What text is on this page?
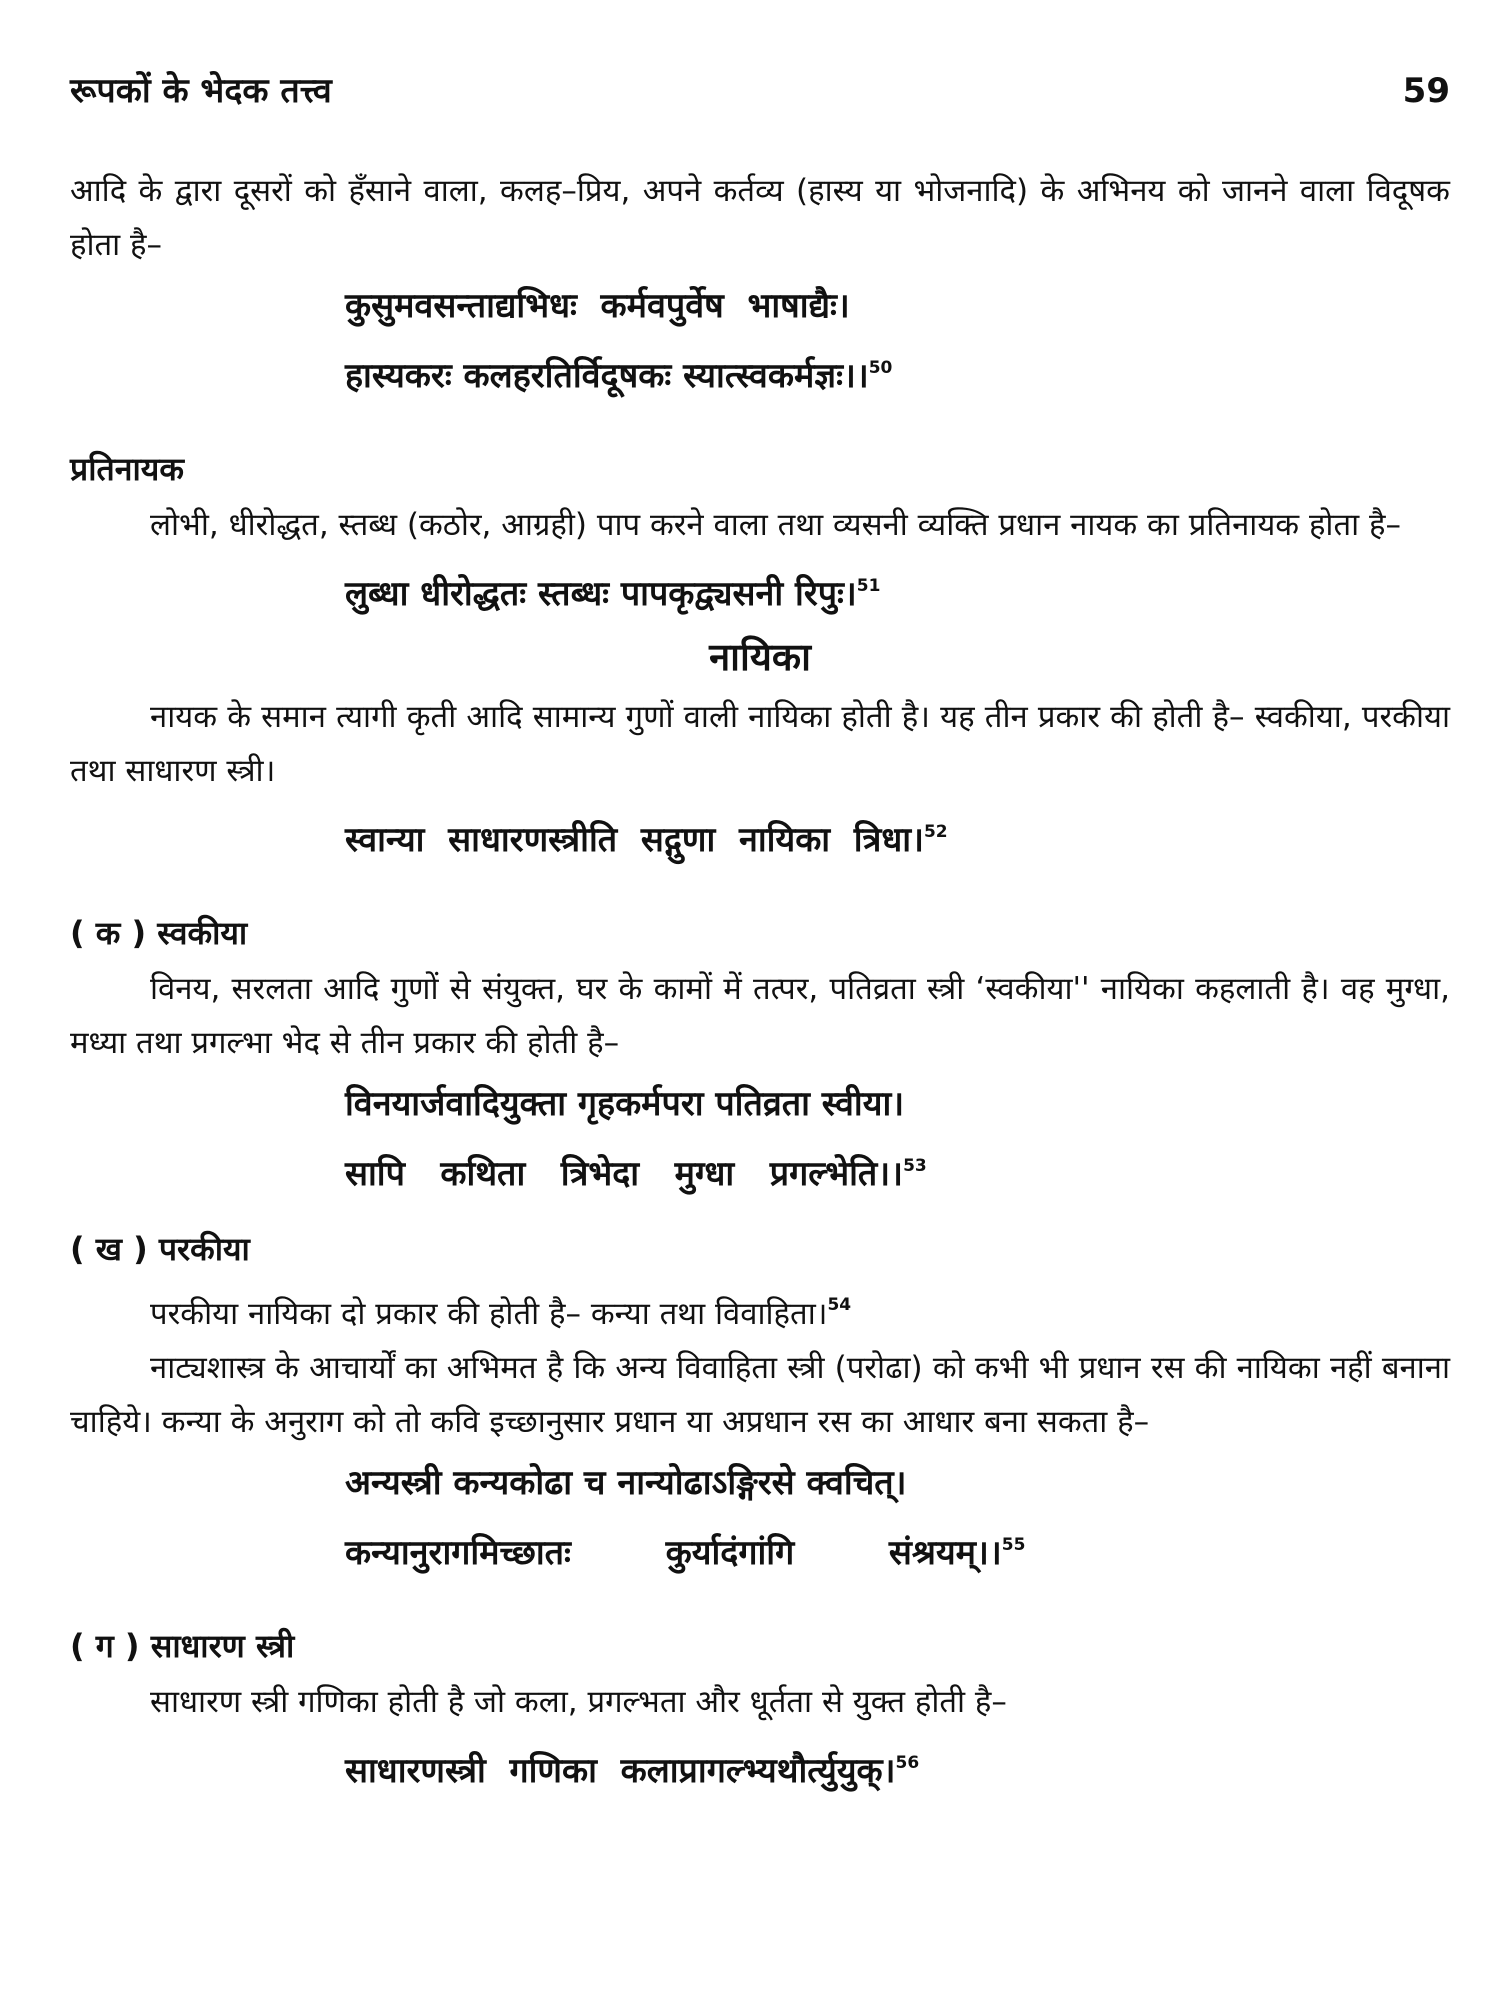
रूपकों के भेदक तत्त्व	59

आदि के द्वारा दूसरों को हँसाने वाला, कलह–प्रिय, अपने कर्तव्य (हास्य या भोजनादि) के अभिनय को जानने वाला विदूषक होता है–

कुसुमवसन्ताद्यभिधः  कर्मवपुर्वेष  भाषाद्यैः।
हास्यकरः कलहरतिर्विदूषकः स्यात्स्वकर्मज्ञः।।$^{50}$
प्रतिनायक

लोभी, धीरोद्धत, स्तब्ध (कठोर, आग्रही) पाप करने वाला तथा व्यसनी व्यक्ति प्रधान नायक का प्रतिनायक होता है–

लुब्धा धीरोद्धतः स्तब्धः पापकृद्व्यसनी रिपुः।$^{51}$
नायिका

नायक के समान त्यागी कृती आदि सामान्य गुणों वाली नायिका होती है। यह तीन प्रकार की होती है– स्वकीया, परकीया तथा साधारण स्त्री।

स्वान्या  साधारणस्त्रीति  सद्गुणा  नायिका  त्रिधा।$^{52}$
( क ) स्वकीया

विनय, सरलता आदि गुणों से संयुक्त, घर के कामों में तत्पर, पतिव्रता स्त्री ‘स्वकीया'' नायिका कहलाती है। वह मुग्धा, मध्या तथा प्रगल्भा भेद से तीन प्रकार की होती है–

विनयार्जवादियुक्ता गृहकर्मपरा पतिव्रता स्वीया।
सापि   कथिता   त्रिभेदा   मुग्धा   प्रगल्भेति।।$^{53}$
( ख ) परकीया

परकीया नायिका दो प्रकार की होती है– कन्या तथा विवाहिता।$^{54}$

नाट्यशास्त्र के आचार्यों का अभिमत है कि अन्य विवाहिता स्त्री (परोढा) को कभी भी प्रधान रस की नायिका नहीं बनाना चाहिये। कन्या के अनुराग को तो कवि इच्छानुसार प्रधान या अप्रधान रस का आधार बना सकता है–

अन्यस्त्री कन्यकोढा च नान्योढाऽङ्गिरसे क्वचित्।
कन्यानुरागमिच्छातः        कुर्यादंगांगि        संश्रयम्।।$^{55}$
( ग ) साधारण स्त्री

साधारण स्त्री गणिका होती है जो कला, प्रगल्भता और धूर्तता से युक्त होती है–

साधारणस्त्री  गणिका  कलाप्रागल्भ्यथौर्त्युयुक्।$^{56}$
